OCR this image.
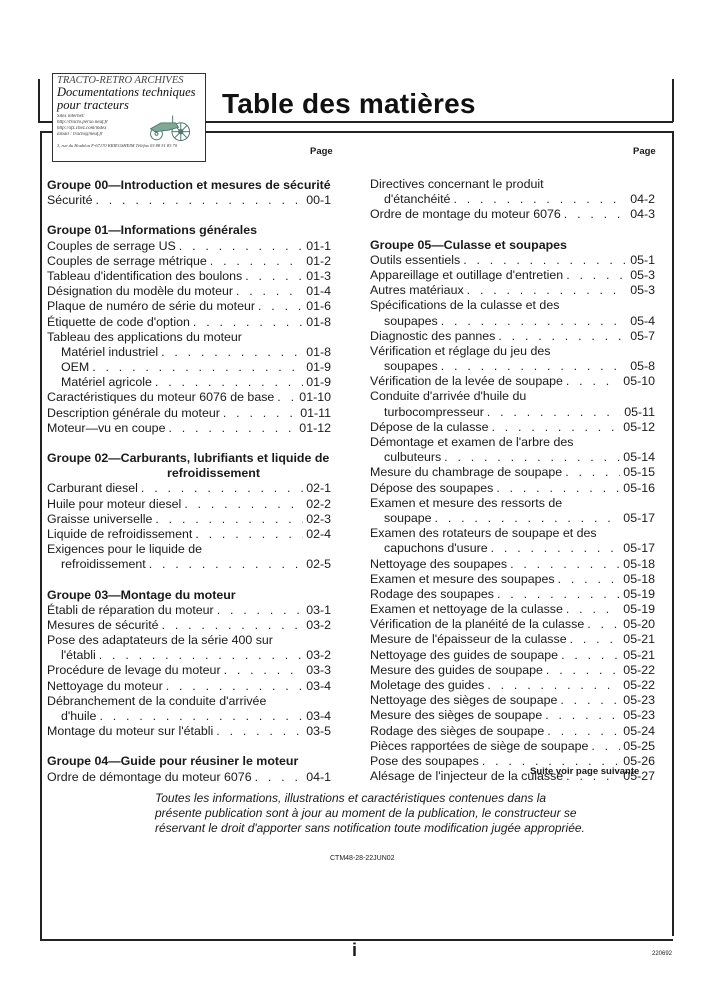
TRACTO-RETRO ARCHIVES
Documentations techniques
pour tracteurs
Sites internet:
http://tracto.perso.neuf.fr
http://sfz.chez.com/index
Email : tracto@neuf.fr
3, rue du Houblon F-67170 KRIEGSHEIM Téléfax 03 88 51 83 70
Table des matières
Page	Page
Groupe 00—Introduction et mesures de sécurité
Sécurité . . .	00-1
Groupe 01—Informations générales
Couples de serrage US . . .	01-1
Couples de serrage métrique . . .	01-2
Tableau d'identification des boulons . . .	01-3
Désignation du modèle du moteur . . .	01-4
Plaque de numéro de série du moteur . . .	01-6
Étiquette de code d'option . . .	01-8
Tableau des applications du moteur
Matériel industriel . . .	01-8
OEM . . .	01-9
Matériel agricole . . .	01-9
Caractéristiques du moteur 6076 de base . . . 01-10
Description générale du moteur . . .	01-11
Moteur—vu en coupe . . .	01-12
Groupe 02—Carburants, lubrifiants et liquide de
refroidissement
Carburant diesel . . .	02-1
Huile pour moteur diesel . . .	02-2
Graisse universelle . . .	02-3
Liquide de refroidissement . . .	02-4
Exigences pour le liquide de
refroidissement . . .	02-5
Groupe 03—Montage du moteur
Établi de réparation du moteur . . .	03-1
Mesures de sécurité . . .	03-2
Pose des adaptateurs de la série 400 sur
l'établi . . .	03-2
Procédure de levage du moteur . . .	03-3
Nettoyage du moteur . . .	03-4
Débranchement de la conduite d'arrivée
d'huile . . .	03-4
Montage du moteur sur l'établi . . .	03-5
Groupe 04—Guide pour réusiner le moteur
Ordre de démontage du moteur 6076 . . .	04-1
Directives concernant le produit
d'étanchéité . . .	04-2
Ordre de montage du moteur 6076 . . .	04-3
Groupe 05—Culasse et soupapes
Outils essentiels . . .	05-1
Appareillage et outillage d'entretien . . .	05-3
Autres matériaux . . .	05-3
Spécifications de la culasse et des
soupapes . . .	05-4
Diagnostic des pannes . . .	05-7
Vérification et réglage du jeu des
soupapes . . .	05-8
Vérification de la levée de soupape . . .	05-10
Conduite d'arrivée d'huile du
turbocompresseur . . .	05-11
Dépose de la culasse . . .	05-12
Démontage et examen de l'arbre des
culbuteurs . . .	05-14
Mesure du chambrage de soupape . . .	05-15
Dépose des soupapes . . .	05-16
Examen et mesure des ressorts de
soupape . . .	05-17
Examen des rotateurs de soupape et des
capuchons d'usure . . .	05-17
Nettoyage des soupapes . . .	05-18
Examen et mesure des soupapes . . .	05-18
Rodage des soupapes . . .	05-19
Examen et nettoyage de la culasse . . .	05-19
Vérification de la planéité de la culasse . . .	05-20
Mesure de l'épaisseur de la culasse . . .	05-21
Nettoyage des guides de soupape . . .	05-21
Mesure des guides de soupape . . .	05-22
Moletage des guides . . .	05-22
Nettoyage des sièges de soupape . . .	05-23
Mesure des sièges de soupape . . .	05-23
Rodage des sièges de soupape . . .	05-24
Pièces rapportées de siège de soupape . . .	05-25
Pose des soupapes . . .	05-26
Alésage de l'injecteur de la culasse . . .	05-27
Suite voir page suivante
Toutes les informations, illustrations et caractéristiques contenues dans la présente publication sont à jour au moment de la publication, le constructeur se réservant le droit d'apporter sans notification toute modification jugée appropriée.
CTM48-28-22JUN02
i	220692
